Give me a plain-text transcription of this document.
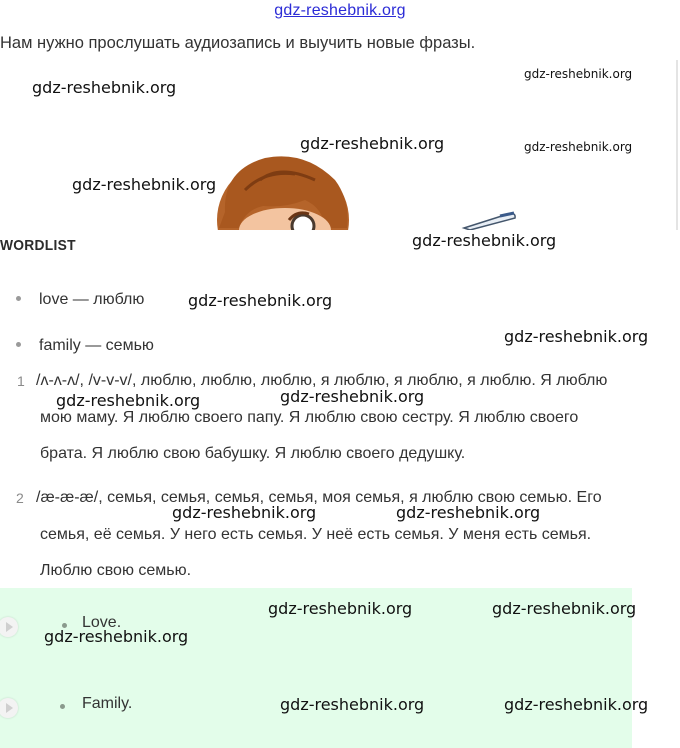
gdz-reshebnik.org
Нам нужно прослушать аудиозапись и выучить новые фразы.
gdz-reshebnik.org
gdz-reshebnik.org
gdz-reshebnik.org	gdz-reshebnik.org
gdz-reshebnik.org
gdz-reshebnik.org
WORDLIST
love — люблю	gdz-reshebnik.org
family — семью	gdz-reshebnik.org
1 /ʌ-ʌ-ʌ/, /v-v-v/, люблю, люблю, люблю, я люблю, я люблю, я люблю. Я люблю
мою маму. Я люблю своего папу. Я люблю свою сестру. Я люблю своего
брата. Я люблю свою бабушку. Я люблю своего дедушку.
gdz-reshebnik.org	gdz-reshebnik.org
2 /æ-æ-æ/, семья, семья, семья, семья, моя семья, я люблю свою семью. Его
семья, её семья. У него есть семья. У неё есть семья. У меня есть семья.
Люблю свою семью.
gdz-reshebnik.org	gdz-reshebnik.org
Love.
gdz-reshebnik.org	gdz-reshebnik.org
gdz-reshebnik.org
Family.	gdz-reshebnik.org	gdz-reshebnik.org
